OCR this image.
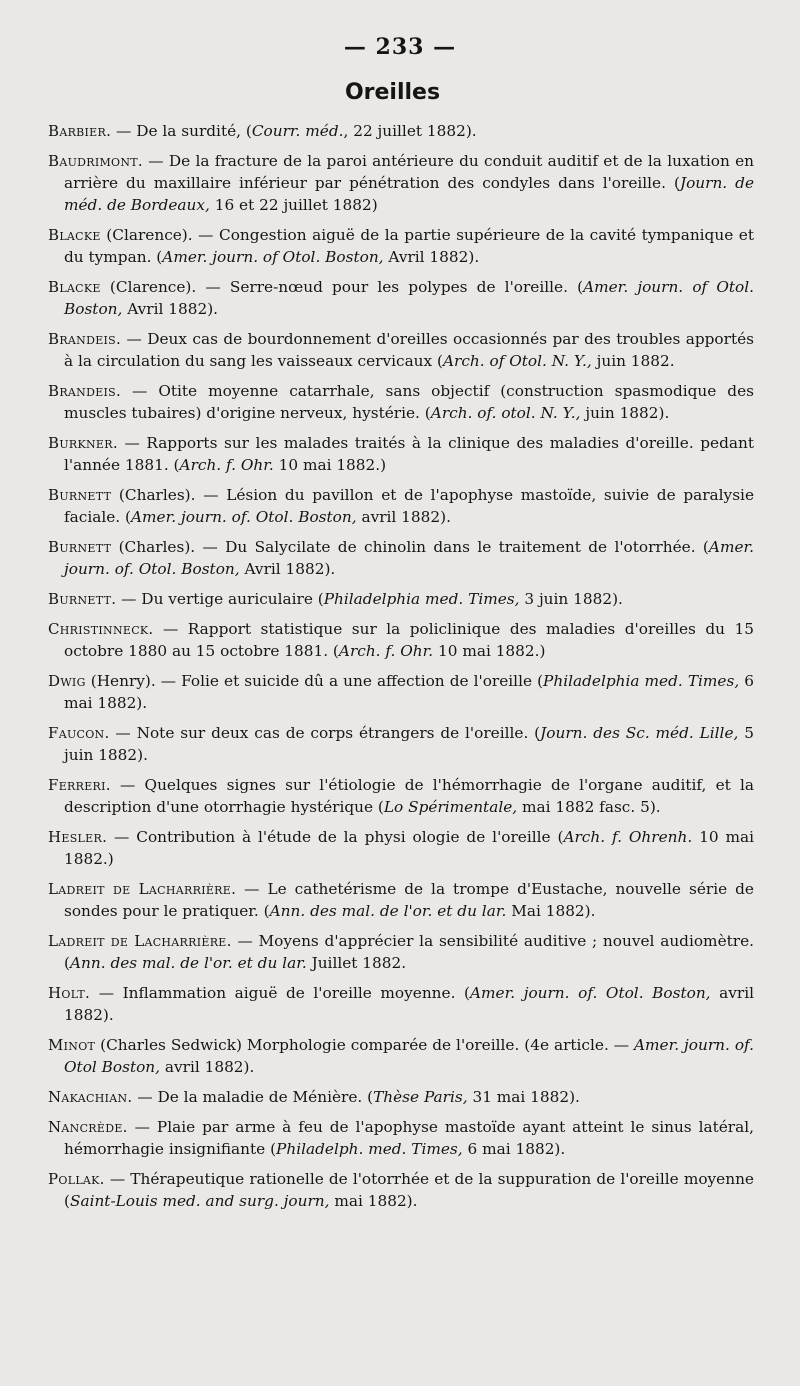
— 233 —
Oreilles
Barbier. — De la surdité, (Courr. méd., 22 juillet 1882).
Baudrimont. — De la fracture de la paroi antérieure du conduit auditif et de la luxation en arrière du maxillaire inférieur par pénétration des condyles dans l'oreille. (Journ. de méd. de Bordeaux, 16 et 22 juillet 1882)
Blacke (Clarence). — Congestion aiguë de la partie supérieure de la cavité tympanique et du tympan. (Amer. journ. of Otol. Boston, Avril 1882).
Blacke (Clarence). — Serre-nœud pour les polypes de l'oreille. (Amer. journ. of Otol. Boston, Avril 1882).
Brandeis. — Deux cas de bourdonnement d'oreilles occasionnés par des troubles apportés à la circulation du sang les vaisseaux cervicaux (Arch. of Otol. N. Y., juin 1882.
Brandeis. — Otite moyenne catarrhale, sans objectif (construction spasmodique des muscles tubaires) d'origine nerveux, hystérie. (Arch. of. otol. N. Y., juin 1882).
Burkner. — Rapports sur les malades traités à la clinique des maladies d'oreille. pedant l'année 1881. (Arch. f. Ohr. 10 mai 1882.)
Burnett (Charles). — Lésion du pavillon et de l'apophyse mastoïde, suivie de paralysie faciale. (Amer. journ. of. Otol. Boston, avril 1882).
Burnett (Charles). — Du Salycilate de chinolin dans le traitement de l'otorrhée. (Amer. journ. of. Otol. Boston, Avril 1882).
Burnett. — Du vertige auriculaire (Philadelphia med. Times, 3 juin 1882).
Christinneck. — Rapport statistique sur la policlinique des maladies d'oreilles du 15 octobre 1880 au 15 octobre 1881. (Arch. f. Ohr. 10 mai 1882.)
Dwig (Henry). — Folie et suicide dû a une affection de l'oreille (Philadelphia med. Times, 6 mai 1882).
Faucon. — Note sur deux cas de corps étrangers de l'oreille. (Journ. des Sc. méd. Lille, 5 juin 1882).
Ferreri. — Quelques signes sur l'étiologie de l'hémorrhagie de l'organe auditif, et la description d'une otorrhagie hystérique (Lo Spérimentale, mai 1882 fasc. 5).
Hesler. — Contribution à l'étude de la physi ologie de l'oreille (Arch. f. Ohrenh. 10 mai 1882.)
Ladreit de Lacharrière. — Le cathetérisme de la trompe d'Eustache, nouvelle série de sondes pour le pratiquer. (Ann. des mal. de l'or. et du lar. Mai 1882).
Ladreit de Lacharrière. — Moyens d'apprécier la sensibilité auditive ; nouvel audiomètre. (Ann. des mal. de l'or. et du lar. Juillet 1882.
Holt. — Inflammation aiguë de l'oreille moyenne. (Amer. journ. of. Otol. Boston, avril 1882).
Minot (Charles Sedwick) Morphologie comparée de l'oreille. (4e article. — Amer. journ. of. Otol Boston, avril 1882).
Nakachian. — De la maladie de Ménière. (Thèse Paris, 31 mai 1882).
Nancrède. — Plaie par arme à feu de l'apophyse mastoïde ayant atteint le sinus latéral, hémorrhagie insignifiante (Philadelph. med. Times, 6 mai 1882).
Pollak. — Thérapeutique rationelle de l'otorrhée et de la suppuration de l'oreille moyenne (Saint-Louis med. and surg. journ, mai 1882).
